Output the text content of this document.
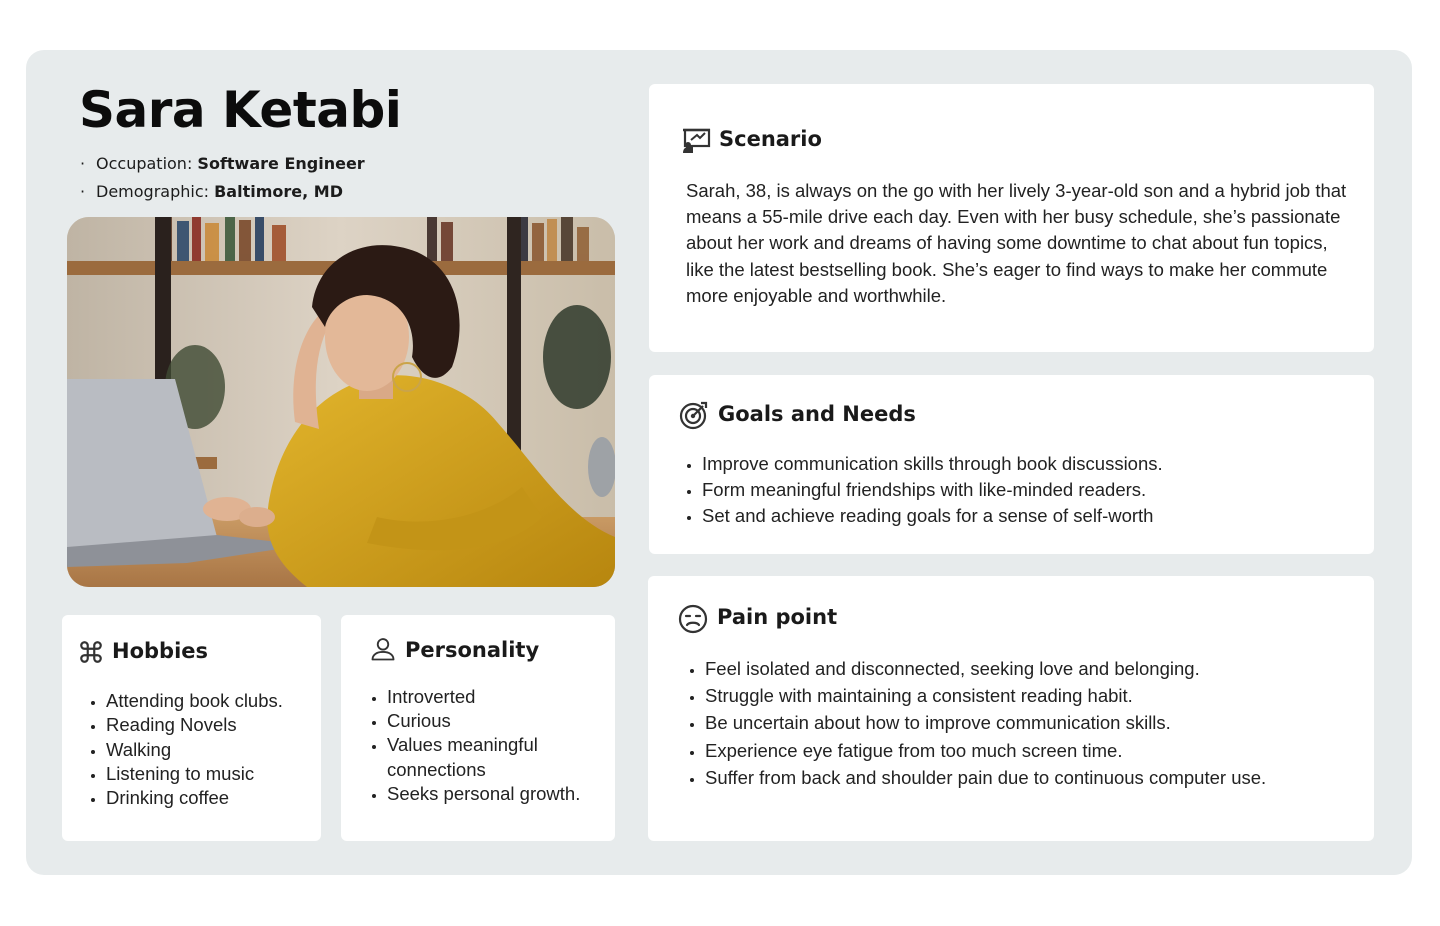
Sara Ketabi
· Occupation: Software Engineer
· Demographic: Baltimore, MD
Hobbies
• Attending book clubs.
• Reading Novels
• Walking
• Listening to music
• Drinking coffee
Personality
• Introverted
• Curious
• Values meaningful connections
• Seeks personal growth.
Scenario

Sarah, 38, is always on the go with her lively 3-year-old son and a hybrid job that means a 55-mile drive each day. Even with her busy schedule, she’s passionate about her work and dreams of having some downtime to chat about fun topics, like the latest bestselling book. She’s eager to find ways to make her commute more enjoyable and worthwhile.

Goals and Needs
• Improve communication skills through book discussions.
• Form meaningful friendships with like-minded readers.
• Set and achieve reading goals for a sense of self-worth
Pain point
• Feel isolated and disconnected, seeking love and belonging.
• Struggle with maintaining a consistent reading habit.
• Be uncertain about how to improve communication skills.
• Experience eye fatigue from too much screen time.
• Suffer from back and shoulder pain due to continuous computer use.
